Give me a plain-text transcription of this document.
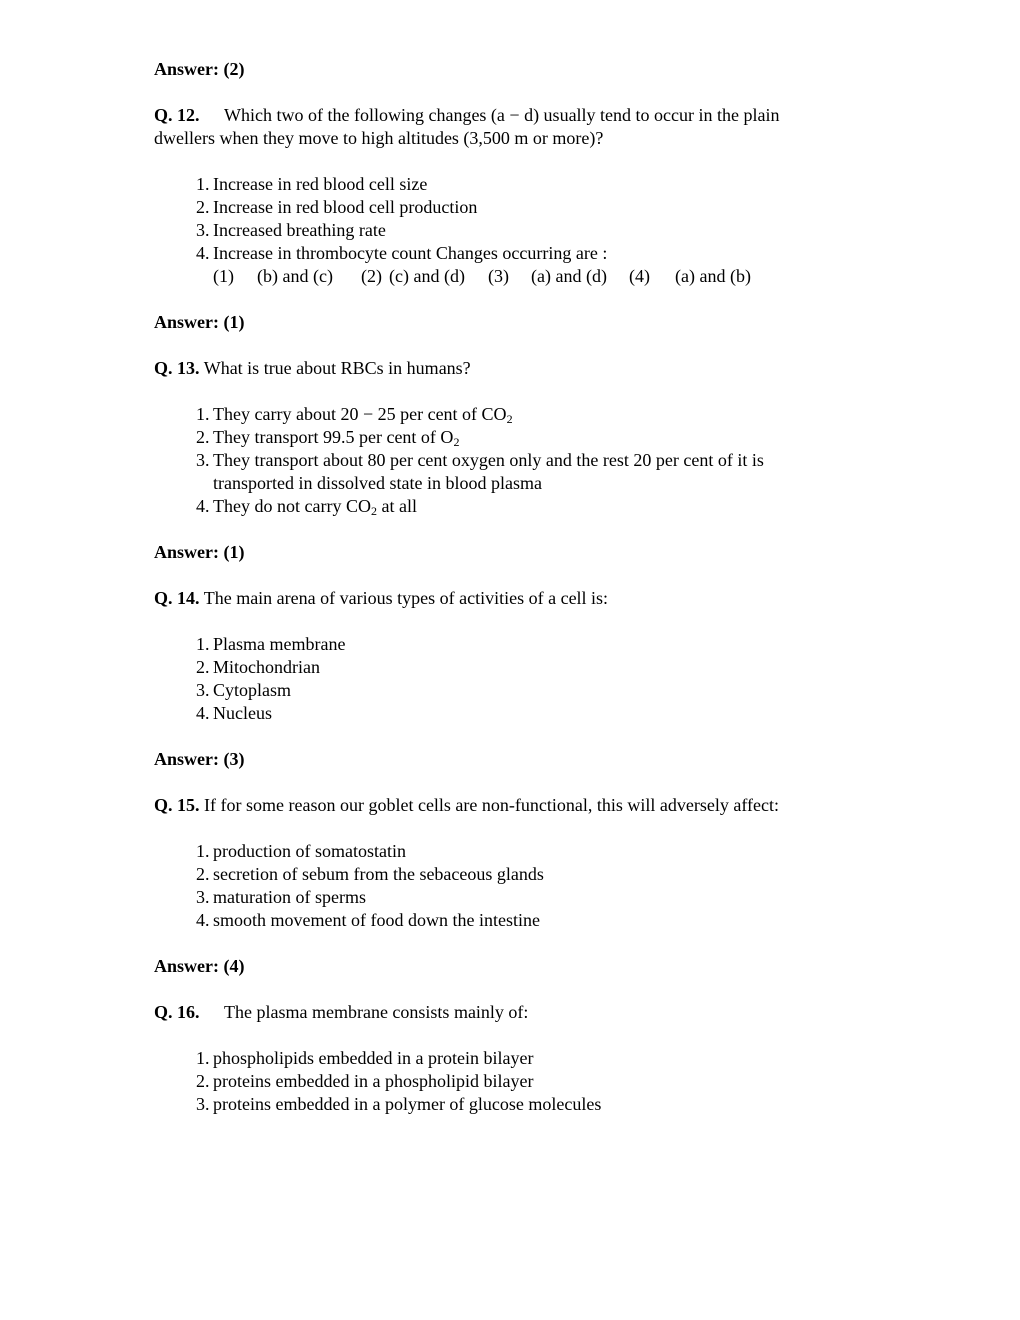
Answer: (2)
Q. 12. Which two of the following changes (a − d) usually tend to occur in the plain
dwellers when they move to high altitudes (3,500 m or more)?
1. Increase in red blood cell size
2. Increase in red blood cell production
3. Increased breathing rate
4. Increase in thrombocyte count Changes occurring are :
(1) (b) and (c) (2) (c) and (d) (3) (a) and (d) (4) (a) and (b)
Answer: (1)
Q. 13. What is true about RBCs in humans?
1. They carry about 20 − 25 per cent of $CO_2$
2. They transport 99.5 per cent of $O_2$
3. They transport about 80 per cent oxygen only and the rest 20 per cent of it is
transported in dissolved state in blood plasma
4. They do not carry $CO_2$ at all
Answer: (1)
Q. 14. The main arena of various types of activities of a cell is:
1. Plasma membrane
2. Mitochondrian
3. Cytoplasm
4. Nucleus
Answer: (3)
Q. 15. If for some reason our goblet cells are non-functional, this will adversely affect:
1. production of somatostatin
2. secretion of sebum from the sebaceous glands
3. maturation of sperms
4. smooth movement of food down the intestine
Answer: (4)
Q. 16. The plasma membrane consists mainly of:
1. phospholipids embedded in a protein bilayer
2. proteins embedded in a phospholipid bilayer
3. proteins embedded in a polymer of glucose molecules
